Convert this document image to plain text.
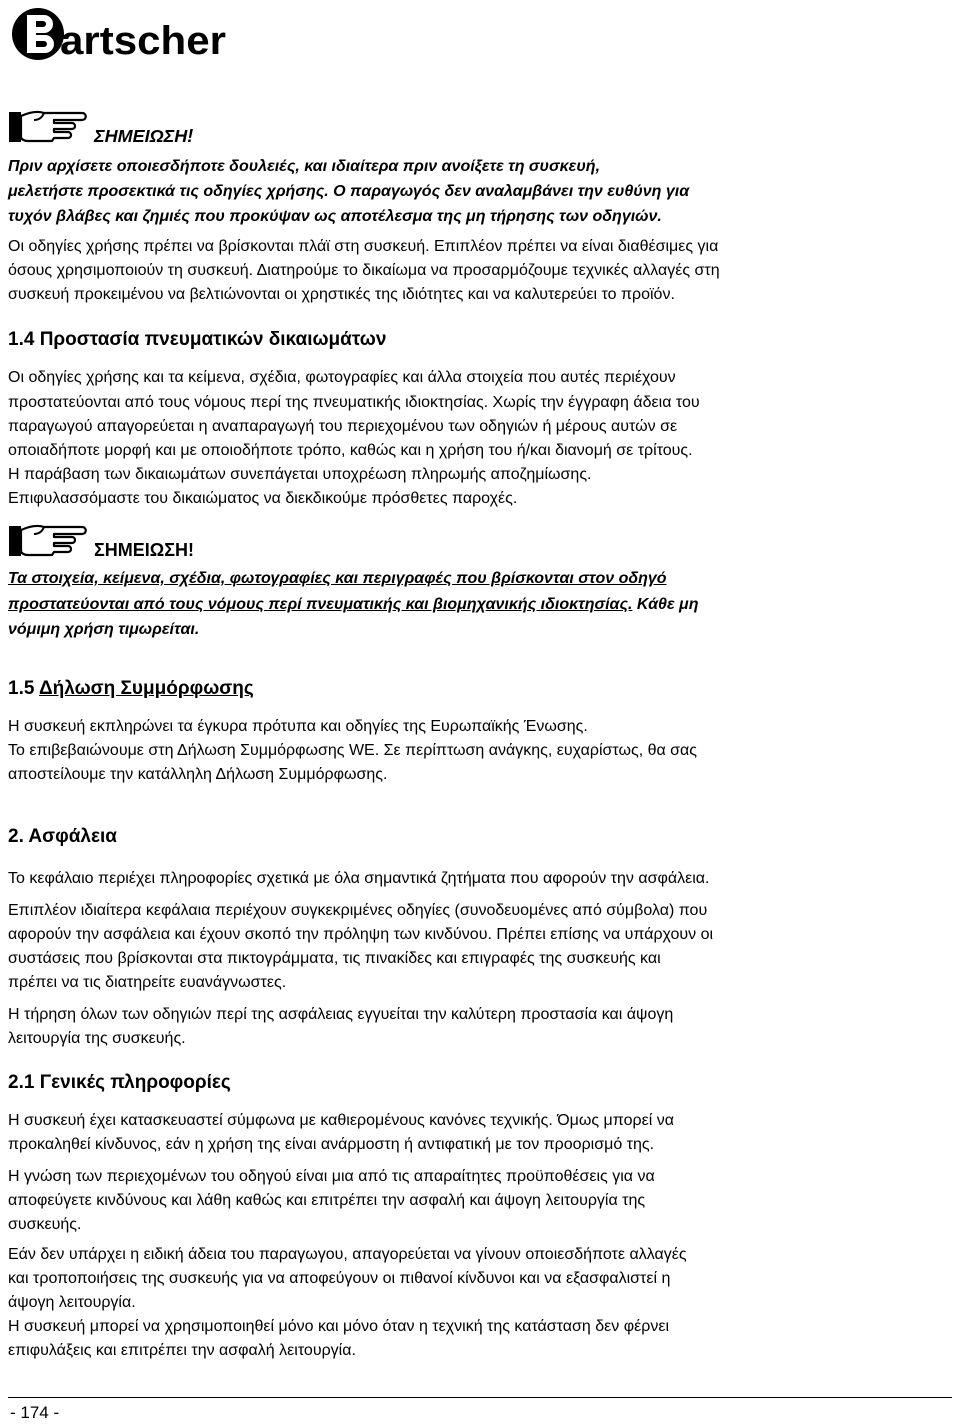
artscher
ΣΗΜΕΙΩΣΗ!
Πριν αρχίσετε οποιεσδήποτε δουλειές, και ιδιαίτερα πριν ανοίξετε τη συσκευή,
μελετήστε προσεκτικά τις οδηγίες χρήσης. Ο παραγωγός δεν αναλαμβάνει την ευθύνη για
τυχόν βλάβες και ζημιές που προκύψαν ως αποτέλεσμα της μη τήρησης των οδηγιών.
Οι οδηγίες χρήσης πρέπει να βρίσκονται πλάϊ στη συσκευή. Επιπλέον πρέπει να είναι διαθέσιμες για
όσους χρησιμοποιούν τη συσκευή. Διατηρούμε το δικαίωμα να προσαρμόζουμε τεχνικές αλλαγές στη
συσκευή προκειμένου να βελτιώνονται οι χρηστικές της ιδιότητες και να καλυτερεύει το προϊόν.
1.4 Προστασία πνευματικών δικαιωμάτων
Οι οδηγίες χρήσης και τα κείμενα, σχέδια, φωτογραφίες και άλλα στοιχεία που αυτές περιέχουν
προστατεύονται από τους νόμους περί της πνευματικής ιδιοκτησίας. Χωρίς την έγγραφη άδεια του
παραγωγού απαγορεύεται η αναπαραγωγή του περιεχομένου των οδηγιών ή μέρους αυτών σε
οποιαδήποτε μορφή και με οποιοδήποτε τρόπο, καθώς και η χρήση του ή/και διανομή σε τρίτους.
Η παράβαση των δικαιωμάτων συνεπάγεται υποχρέωση πληρωμής αποζημίωσης.
Επιφυλασσόμαστε του δικαιώματος να διεκδικούμε πρόσθετες παροχές.
ΣΗΜΕΙΩΣΗ!
Τα στοιχεία, κείμενα, σχέδια, φωτογραφίες και περιγραφές που βρίσκονται στον οδηγό
προστατεύονται από τους νόμους περί πνευματικής και βιομηχανικής ιδιοκτησίας. Κάθε μη
νόμιμη χρήση τιμωρείται.
1.5 Δήλωση Συμμόρφωσης
Η συσκευή εκπληρώνει τα έγκυρα πρότυπα και οδηγίες της Ευρωπαϊκής Ένωσης.
Το επιβεβαιώνουμε στη Δήλωση Συμμόρφωσης WE. Σε περίπτωση ανάγκης, ευχαρίστως, θα σας
αποστείλουμε την κατάλληλη Δήλωση Συμμόρφωσης.
2. Ασφάλεια
Το κεφάλαιο περιέχει πληροφορίες σχετικά με όλα σημαντικά ζητήματα που αφορούν την ασφάλεια.
Επιπλέον ιδιαίτερα κεφάλαια περιέχουν συγκεκριμένες οδηγίες (συνοδευομένες από σύμβολα) που
αφορούν την ασφάλεια και έχουν σκοπό την πρόληψη των κινδύνου. Πρέπει επίσης να υπάρχουν οι
συστάσεις που βρίσκονται στα πικτογράμματα, τις πινακίδες και επιγραφές της συσκευής και
πρέπει να τις διατηρείτε ευανάγνωστες.
Η τήρηση όλων των οδηγιών περί της ασφάλειας εγγυείται την καλύτερη προστασία και άψογη
λειτουργία της συσκευής.
2.1 Γενικές πληροφορίες
Η συσκευή έχει κατασκευαστεί σύμφωνα με καθιερομένους κανόνες τεχνικής. Όμως μπορεί να
προκαληθεί κίνδυνος, εάν η χρήση της είναι ανάρμοστη ή αντιφατική με τον προορισμό της.
Η γνώση των περιεχομένων του οδηγού είναι μια από τις απαραίτητες προϋποθέσεις για να
αποφεύγετε κινδύνους και λάθη καθώς και επιτρέπει την ασφαλή και άψογη λειτουργία της
συσκευής.
Εάν δεν υπάρχει η ειδική άδεια του παραγωγου, απαγορεύεται να γίνουν οποιεσδήποτε αλλαγές
και τροποποιήσεις της συσκευής για να αποφεύγουν οι πιθανοί κίνδυνοι και να εξασφαλιστεί η
άψογη λειτουργία.
Η συσκευή μπορεί να χρησιμοποιηθεί μόνο και μόνο όταν η τεχνική της κατάσταση δεν φέρνει
επιφυλάξεις και επιτρέπει την ασφαλή λειτουργία.
- 174 -
